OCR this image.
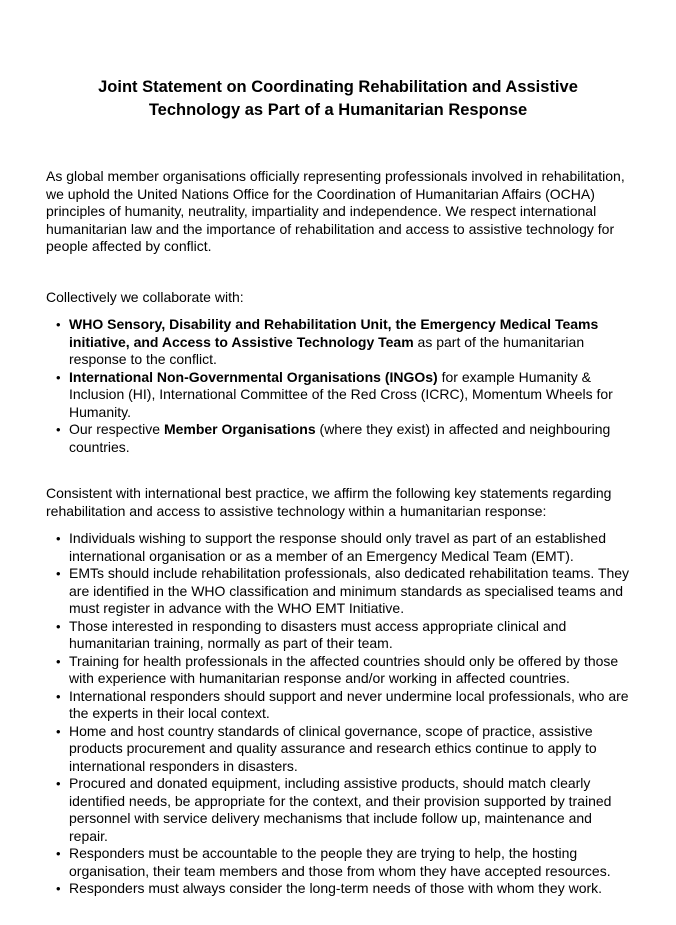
Joint Statement on Coordinating Rehabilitation and Assistive Technology as Part of a Humanitarian Response

As global member organisations officially representing professionals involved in rehabilitation, we uphold the United Nations Office for the Coordination of Humanitarian Affairs (OCHA) principles of humanity, neutrality, impartiality and independence. We respect international humanitarian law and the importance of rehabilitation and access to assistive technology for people affected by conflict.

Collectively we collaborate with:

• WHO Sensory, Disability and Rehabilitation Unit, the Emergency Medical Teams initiative, and Access to Assistive Technology Team as part of the humanitarian response to the conflict.
• International Non-Governmental Organisations (INGOs) for example Humanity & Inclusion (HI), International Committee of the Red Cross (ICRC), Momentum Wheels for Humanity.
• Our respective Member Organisations (where they exist) in affected and neighbouring countries.

Consistent with international best practice, we affirm the following key statements regarding rehabilitation and access to assistive technology within a humanitarian response:

• Individuals wishing to support the response should only travel as part of an established international organisation or as a member of an Emergency Medical Team (EMT).
• EMTs should include rehabilitation professionals, also dedicated rehabilitation teams. They are identified in the WHO classification and minimum standards as specialised teams and must register in advance with the WHO EMT Initiative.
• Those interested in responding to disasters must access appropriate clinical and humanitarian training, normally as part of their team.
• Training for health professionals in the affected countries should only be offered by those with experience with humanitarian response and/or working in affected countries.
• International responders should support and never undermine local professionals, who are the experts in their local context.
• Home and host country standards of clinical governance, scope of practice, assistive products procurement and quality assurance and research ethics continue to apply to international responders in disasters.
• Procured and donated equipment, including assistive products, should match clearly identified needs, be appropriate for the context, and their provision supported by trained personnel with service delivery mechanisms that include follow up, maintenance and repair.
• Responders must be accountable to the people they are trying to help, the hosting organisation, their team members and those from whom they have accepted resources.
• Responders must always consider the long-term needs of those with whom they work.
